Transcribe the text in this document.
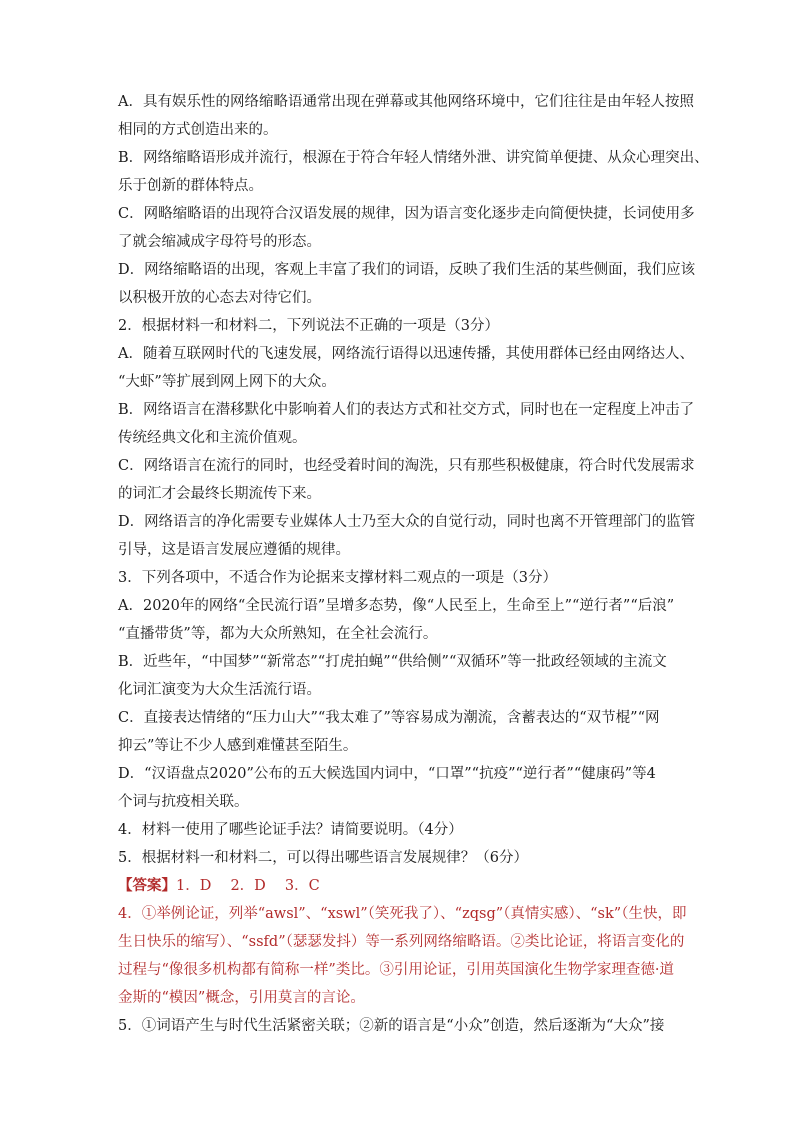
A．具有娱乐性的网络缩略语通常出现在弹幕或其他网络环境中，它们往往是由年轻人按照
相同的方式创造出来的。
B．网络缩略语形成并流行，根源在于符合年轻人情绪外泄、讲究简单便捷、从众心理突出、
乐于创新的群体特点。
C．网略缩略语的出现符合汉语发展的规律，因为语言变化逐步走向简便快捷，长词使用多
了就会缩减成字母符号的形态。
D．网络缩略语的出现，客观上丰富了我们的词语，反映了我们生活的某些侧面，我们应该
以积极开放的心态去对待它们。
2．根据材料一和材料二，下列说法不正确的一项是（3分）
A．随着互联网时代的飞速发展，网络流行语得以迅速传播，其使用群体已经由网络达人、
“大虾”等扩展到网上网下的大众。
B．网络语言在潜移默化中影响着人们的表达方式和社交方式，同时也在一定程度上冲击了
传统经典文化和主流价值观。
C．网络语言在流行的同时，也经受着时间的淘洗，只有那些积极健康，符合时代发展需求
的词汇才会最终长期流传下来。
D．网络语言的净化需要专业媒体人士乃至大众的自觉行动，同时也离不开管理部门的监管
引导，这是语言发展应遵循的规律。
3．下列各项中，不适合作为论据来支撑材料二观点的一项是（3分）
A．2020年的网络“全民流行语”呈增多态势，像“人民至上，生命至上”“逆行者”“后浪”
“直播带货”等，都为大众所熟知，在全社会流行。
B．近些年，“中国梦”“新常态”“打虎拍蝇”“供给侧”“双循环”等一批政经领域的主流文
化词汇演变为大众生活流行语。
C．直接表达情绪的“压力山大”“我太难了”等容易成为潮流，含蓄表达的“双节棍”“网
抑云”等让不少人感到难懂甚至陌生。
D．“汉语盘点2020”公布的五大候选国内词中，“口罩”“抗疫”“逆行者”“健康码”等4
个词与抗疫相关联。
4．材料一使用了哪些论证手法？请简要说明。（4分）
5．根据材料一和材料二，可以得出哪些语言发展规律？（6分）
【答案】1．D　 2．D　 3．C
4．①举例论证，列举“awsl”、“xswl”（笑死我了）、“zqsg”（真情实感）、“sk”（生快，即
生日快乐的缩写）、“ssfd”（瑟瑟发抖）等一系列网络缩略语。②类比论证，将语言变化的
过程与“像很多机构都有简称一样”类比。③引用论证，引用英国演化生物学家理查德·道
金斯的“模因”概念，引用莫言的言论。
5．①词语产生与时代生活紧密关联；②新的语言是“小众”创造，然后逐渐为“大众”接
